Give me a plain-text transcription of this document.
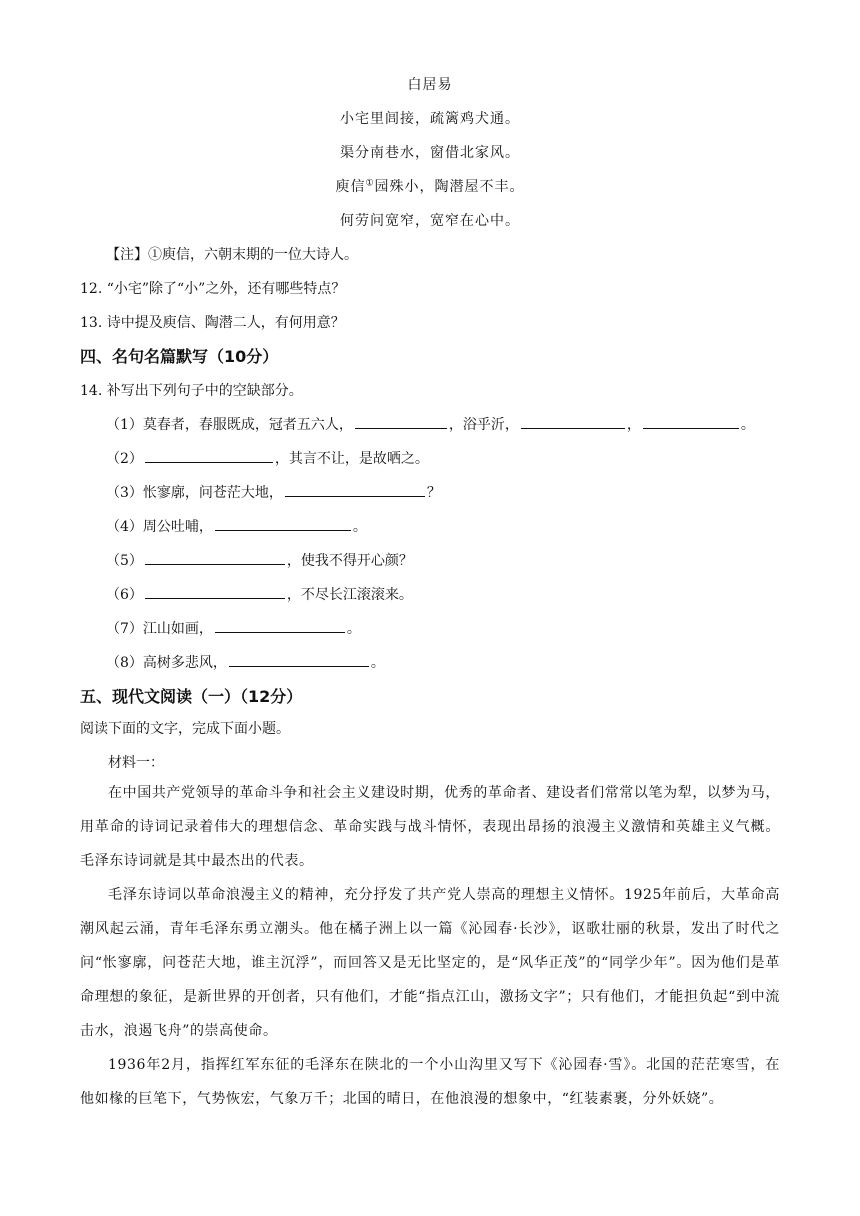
白居易
小宅里闾接，疏篱鸡犬通。
渠分南巷水，窗借北家风。
庾信①园殊小，陶潜屋不丰。
何劳问宽窄，宽窄在心中。
【注】①庾信，六朝末期的一位大诗人。
12. “小宅”除了“小”之外，还有哪些特点？
13. 诗中提及庾信、陶潜二人，有何用意？
四、名句名篇默写（10分）
14. 补写出下列句子中的空缺部分。
（1）莫春者，春服既成，冠者五六人，	，浴乎沂，	，	。
（2）	，其言不让，是故哂之。
（3）怅寥廓，问苍茫大地，	？
（4）周公吐哺，	。
（5）	，使我不得开心颜？
（6）	，不尽长江滚滚来。
（7）江山如画，	。
（8）高树多悲风，	。
五、现代文阅读（一）（12分）
阅读下面的文字，完成下面小题。
材料一：
在中国共产党领导的革命斗争和社会主义建设时期，优秀的革命者、建设者们常常以笔为犁，以梦为马，用革命的诗词记录着伟大的理想信念、革命实践与战斗情怀，表现出昂扬的浪漫主义激情和英雄主义气概。毛泽东诗词就是其中最杰出的代表。
毛泽东诗词以革命浪漫主义的精神，充分抒发了共产党人崇高的理想主义情怀。1925年前后，大革命高潮风起云涌，青年毛泽东勇立潮头。他在橘子洲上以一篇《沁园春·长沙》，讴歌壮丽的秋景，发出了时代之问“怅寥廓，问苍茫大地，谁主沉浮”，而回答又是无比坚定的，是“风华正茂”的“同学少年”。因为他们是革命理想的象征，是新世界的开创者，只有他们，才能“指点江山，激扬文字”；只有他们，才能担负起“到中流击水，浪遏飞舟”的崇高使命。
1936年2月，指挥红军东征的毛泽东在陕北的一个小山沟里又写下《沁园春·雪》。北国的茫茫寒雪，在他如椽的巨笔下，气势恢宏，气象万千；北国的晴日，在他浪漫的想象中，“红装素裹，分外妖娆”。
